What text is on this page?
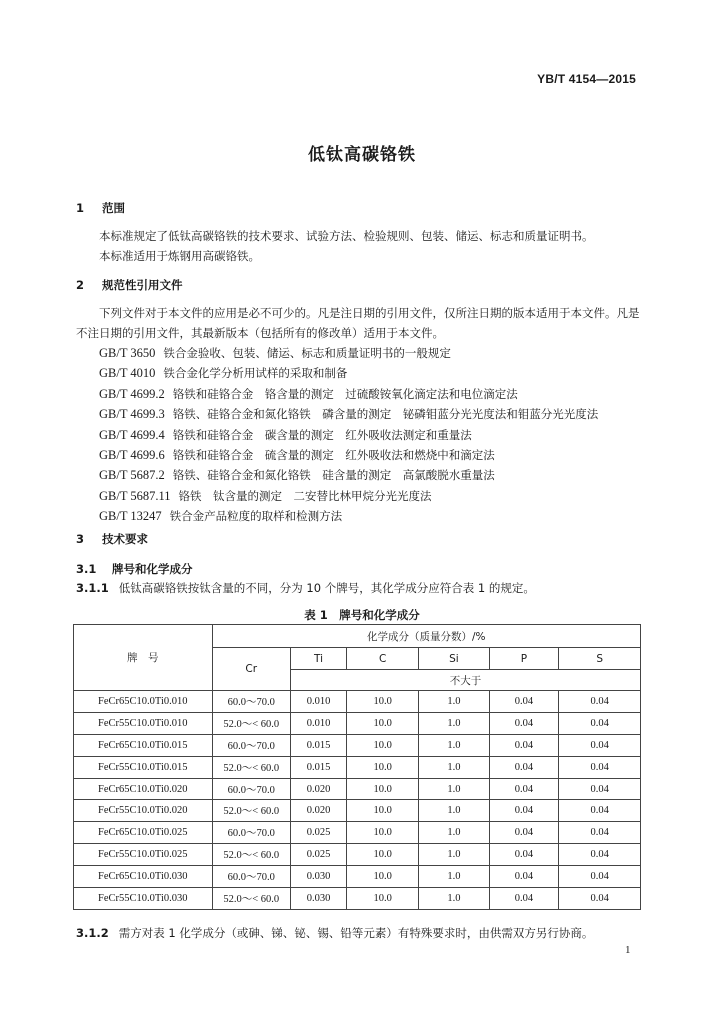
YB/T 4154—2015
低钛高碳铬铁
1 范围

本标准规定了低钛高碳铬铁的技术要求、试验方法、检验规则、包装、储运、标志和质量证明书。

本标准适用于炼钢用高碳铬铁。

2 规范性引用文件

下列文件对于本文件的应用是必不可少的。凡是注日期的引用文件，仅所注日期的版本适用于本文件。凡是不注日期的引用文件，其最新版本（包括所有的修改单）适用于本文件。

GB/T 3650 铁合金验收、包装、储运、标志和质量证明书的一般规定
GB/T 4010 铁合金化学分析用试样的采取和制备
GB/T 4699.2 铬铁和硅铬合金　铬含量的测定　过硫酸铵氧化滴定法和电位滴定法
GB/T 4699.3 铬铁、硅铬合金和氮化铬铁　磷含量的测定　铋磷钼蓝分光光度法和钼蓝分光光度法
GB/T 4699.4 铬铁和硅铬合金　碳含量的测定　红外吸收法测定和重量法
GB/T 4699.6 铬铁和硅铬合金　硫含量的测定　红外吸收法和燃烧中和滴定法
GB/T 5687.2 铬铁、硅铬合金和氮化铬铁　硅含量的测定　高氯酸脱水重量法
GB/T 5687.11 铬铁　钛含量的测定　二安替比林甲烷分光光度法
GB/T 13247 铁合金产品粒度的取样和检测方法
3 技术要求
3.1 牌号和化学成分
3.1.1 低钛高碳铬铁按钛含量的不同，分为 10 个牌号，其化学成分应符合表 1 的规定。
表 1　牌号和化学成分
牌　号	化学成分（质量分数）/%					
	Cr	Ti	C	Si	P	S
		不大于				
FeCr65C10.0Ti0.010	60.0～70.0	0.010	10.0	1.0	0.04	0.04
FeCr55C10.0Ti0.010	52.0～< 60.0	0.010	10.0	1.0	0.04	0.04
FeCr65C10.0Ti0.015	60.0～70.0	0.015	10.0	1.0	0.04	0.04
FeCr55C10.0Ti0.015	52.0～< 60.0	0.015	10.0	1.0	0.04	0.04
FeCr65C10.0Ti0.020	60.0～70.0	0.020	10.0	1.0	0.04	0.04
FeCr55C10.0Ti0.020	52.0～< 60.0	0.020	10.0	1.0	0.04	0.04
FeCr65C10.0Ti0.025	60.0～70.0	0.025	10.0	1.0	0.04	0.04
FeCr55C10.0Ti0.025	52.0～< 60.0	0.025	10.0	1.0	0.04	0.04
FeCr65C10.0Ti0.030	60.0～70.0	0.030	10.0	1.0	0.04	0.04
FeCr55C10.0Ti0.030	52.0～< 60.0	0.030	10.0	1.0	0.04	0.04
3.1.2 需方对表 1 化学成分（或砷、锑、铋、锡、铅等元素）有特殊要求时，由供需双方另行协商。
1
